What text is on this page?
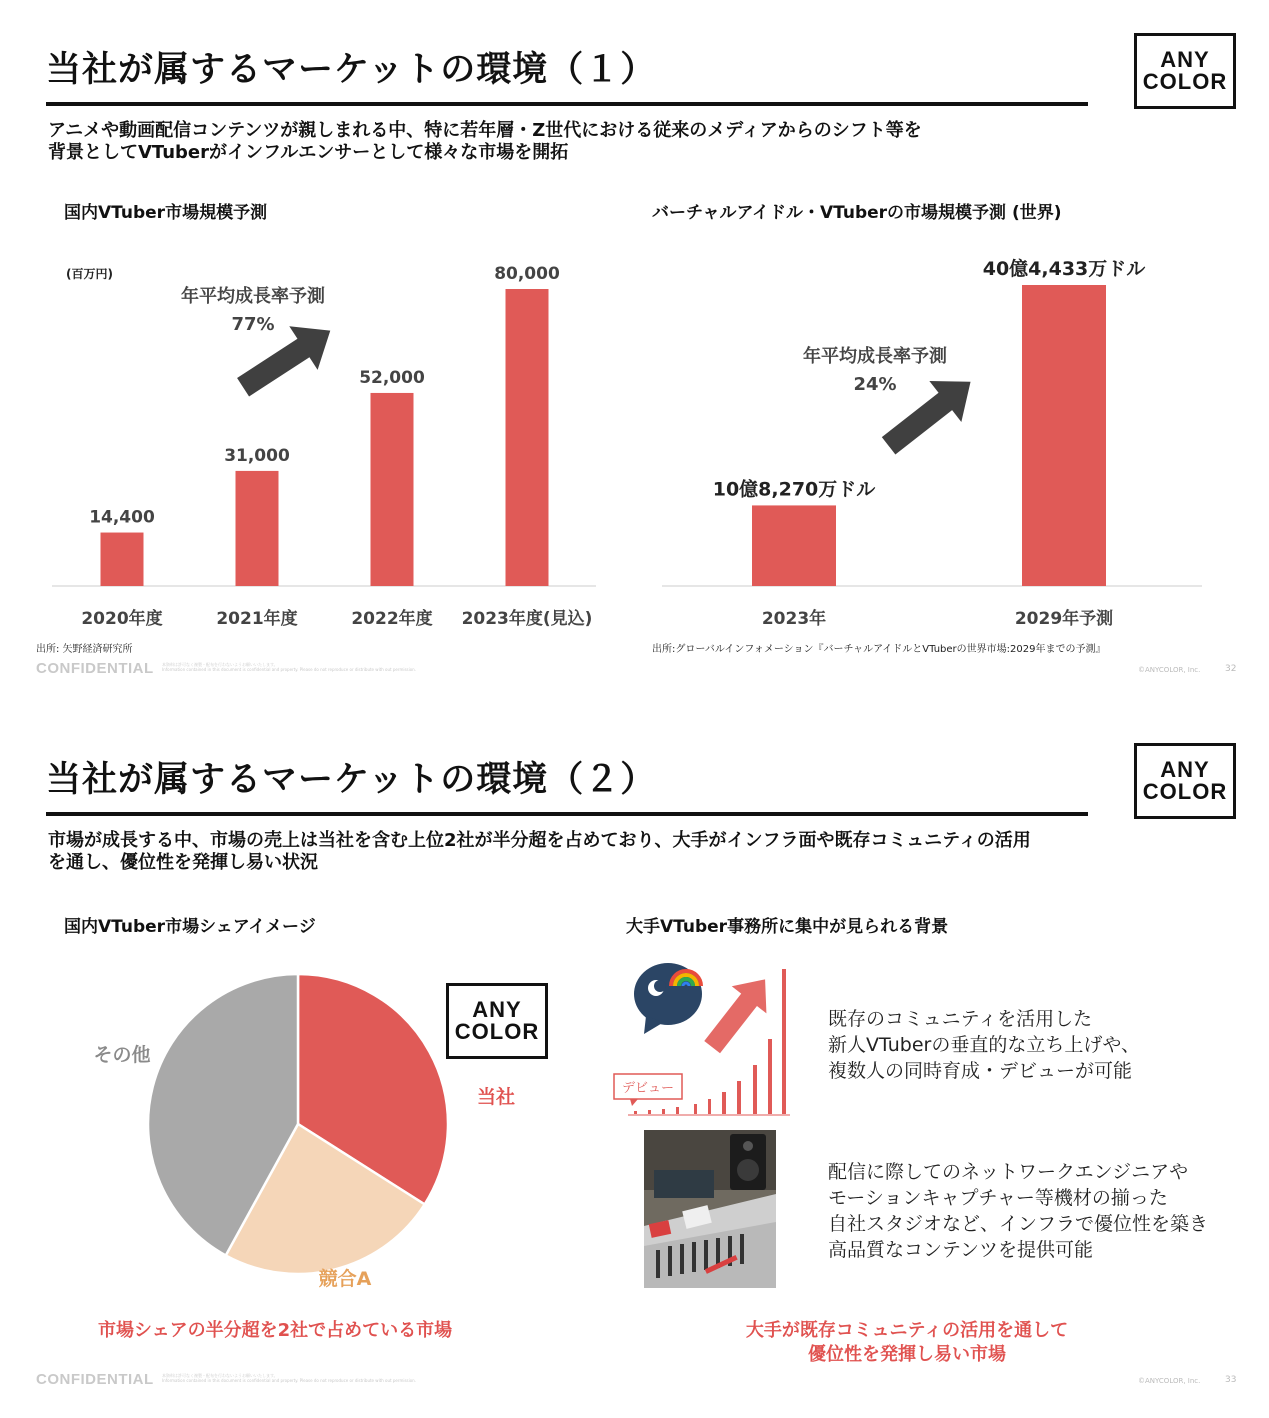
当社が属するマーケットの環境（１）	ANY
COLOR
アニメや動画配信コンテンツが親しまれる中、特に若年層・Z世代における従来のメディアからのシフト等を
背景としてVTuberがインフルエンサーとして様々な市場を開拓
国内VTuber市場規模予測	バーチャルアイドル・VTuberの市場規模予測 (世界)
(百万円)
年平均成長率予測
77%
14,400
31,000
52,000
80,000
2020年度	2021年度	2022年度 2023年度(見込)
出所: 矢野経済研究所
年平均成長率予測
24%
10億8,270万ドル
40億4,433万ドル
2023年	2029年予測
出所:グローバルインフォメーション『バーチャルアイドルとVTuberの世界市場:2029年までの予測』
CONFIDENTIAL 本資料は許可なく複製・配布を行わないようお願いいたします。
Information contained in this document is confidential and property. Please do not reproduce or distribute with out permission.	©ANYCOLOR, Inc.	32
当社が属するマーケットの環境（２）	ANY
COLOR
市場が成長する中、市場の売上は当社を含む上位2社が半分超を占めており、大手がインフラ面や既存コミュニティの活用
を通し、優位性を発揮し易い状況
国内VTuber市場シェアイメージ	大手VTuber事務所に集中が見られる背景
その他
当社
競合A
ANY
COLOR
デビュー
既存のコミュニティを活用した
新人VTuberの垂直的な立ち上げや、
複数人の同時育成・デビューが可能
配信に際してのネットワークエンジニアや
モーションキャプチャー等機材の揃った
自社スタジオなど、インフラで優位性を築き
高品質なコンテンツを提供可能
市場シェアの半分超を2社で占めている市場	大手が既存コミュニティの活用を通して
優位性を発揮し易い市場
CONFIDENTIAL 本資料は許可なく複製・配布を行わないようお願いいたします。
Information contained in this document is confidential and property. Please do not reproduce or distribute with out permission.	©ANYCOLOR, Inc.	33
